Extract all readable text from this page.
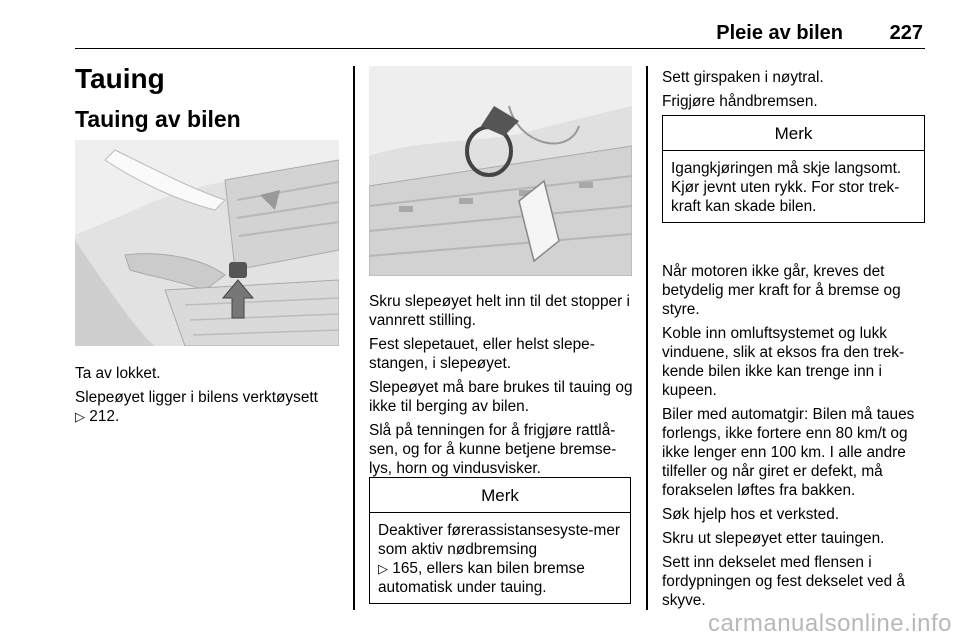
Pleie av bilen 227
Tauing
Tauing av bilen

Ta av lokket.

Slepeøyet ligger i bilens verktøysett
▷ 212.

Skru slepeøyet helt inn til det stopper i vannrett stilling.

Fest slepetauet, eller helst slepe-stangen, i slepeøyet.

Slepeøyet må bare brukes til tauing og ikke til berging av bilen.

Slå på tenningen for å frigjøre rattlå-sen, og for å kunne betjene bremse-lys, horn og vindusvisker.

Merk
Deaktiver førerassistansesyste-mer som aktiv nødbremsing
▷ 165, ellers kan bilen bremse automatisk under tauing.

Sett girspaken i nøytral.

Frigjøre håndbremsen.

Merk
Igangkjøringen må skje langsomt. Kjør jevnt uten rykk. For stor trek-kraft kan skade bilen.

Når motoren ikke går, kreves det betydelig mer kraft for å bremse og styre.

Koble inn omluftsystemet og lukk vinduene, slik at eksos fra den trek-kende bilen ikke kan trenge inn i kupeen.

Biler med automatgir: Bilen må taues forlengs, ikke fortere enn 80 km/t og ikke lenger enn 100 km. I alle andre tilfeller og når giret er defekt, må forakselen løftes fra bakken.

Søk hjelp hos et verksted.

Skru ut slepeøyet etter tauingen.

Sett inn dekselet med flensen i fordypningen og fest dekselet ved å skyve.

carmanualsonline.info
